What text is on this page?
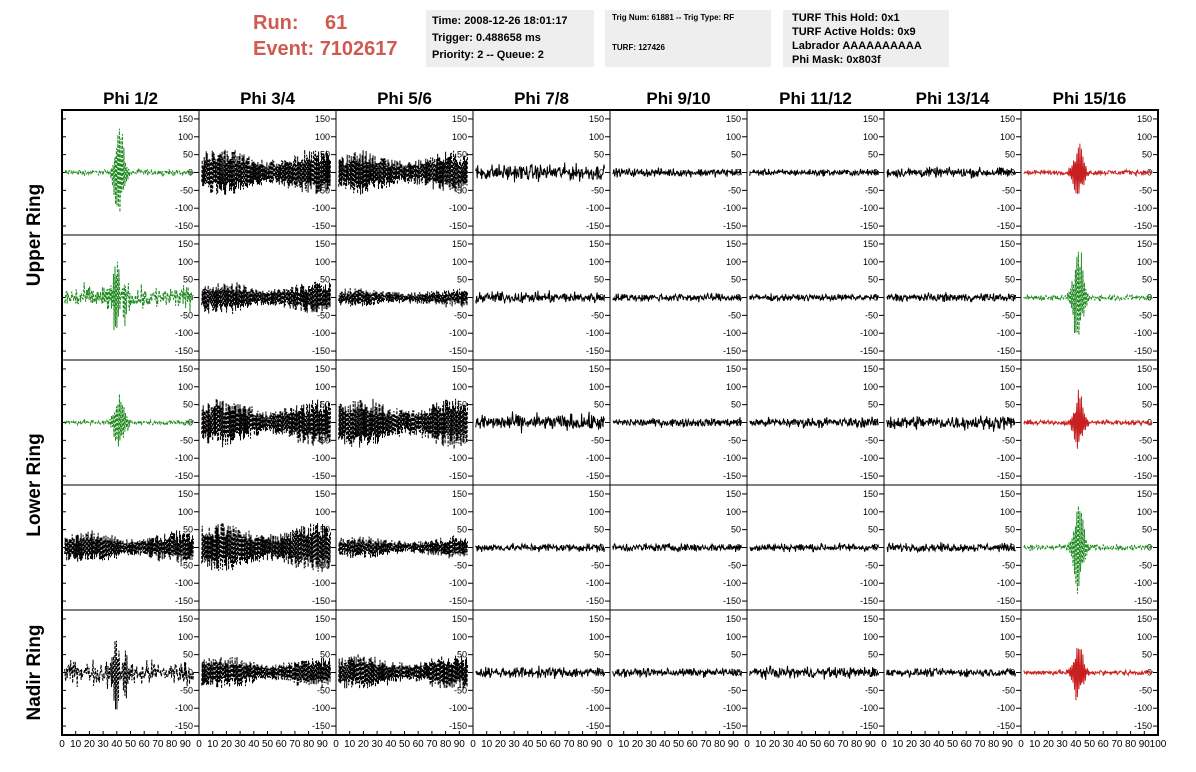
Run: 61
Event: 7102617
Time: 2008-12-26 18:01:17
Trigger: 0.488658 ms
Priority: 2 -- Queue: 2
Trig Num: 61881 -- Trig Type: RF
TURF: 127426
TURF This Hold: 0x1
TURF Active Holds: 0x9
Labrador AAAAAAAAAA
Phi Mask: 0x803f
-150
-100
-50
0
50
100
150
-150
-100
-50
0
50
100
150
-150
-100
-50
0
50
100
150
-150
-100
-50
0
50
100
150
-150
-100
-50
0
50
100
150
-150
-100
-50
0
50
100
150
-150
-100
-50
0
50
100
150
-150
-100
-50
0
50
100
150
-150
-100
-50
0
50
100
150
-150
-100
-50
0
50
100
150
-150
-100
-50
0
50
100
150
-150
-100
-50
0
50
100
150
-150
-100
-50
0
50
100
150
-150
-100
-50
0
50
100
150
-150
-100
-50
0
50
100
150
-150
-100
-50
0
50
100
150
-150
-100
-50
0
50
100
150
-150
-100
-50
0
50
100
150
-150
-100
-50
0
50
100
150
-150
-100
-50
0
50
100
150
-150
-100
-50
0
50
100
150
-150
-100
-50
0
50
100
150
-150
-100
-50
0
50
100
150
-150
-100
-50
0
50
100
150
-150
-100
-50
0
50
100
150
-150
-100
-50
0
50
100
150
-150
-100
-50
0
50
100
150
-150
-100
-50
0
50
100
150
-150
-100
-50
0
50
100
150
-150
-100
-50
0
50
100
150
-150
-100
-50
0
50
100
150
-150
-100
-50
0
50
100
150
-150
-100
-50
0
50
100
150
-150
-100
-50
0
50
100
150
-150
-100
-50
0
50
100
150
-150
-100
-50
0
50
100
150
-150
-100
-50
0
50
100
150
-150
-100
-50
0
50
100
150
-150
-100
-50
0
50
100
150
-150
-100
-50
0
50
100
150
0 10 20 30 40 50 60 70 80 90 0 10 20 30 40 50 60 70 80 90 0 10 20 30 40 50 60 70 80 90 0 10 20 30 40 50 60 70 80 90 0 10 20 30 40 50 60 70 80 90 0 10 20 30 40 50 60 70 80 90 0 10 20 30 40 50 60 70 80 90 0 10 20 30 40 50 60 70 80 90 100
Phi 1/2	Phi 3/4	Phi 5/6	Phi 7/8	Phi 9/10	Phi 11/12	Phi 13/14	Phi 15/16
Upper Ring
Lower Ring
Nadir Ring
